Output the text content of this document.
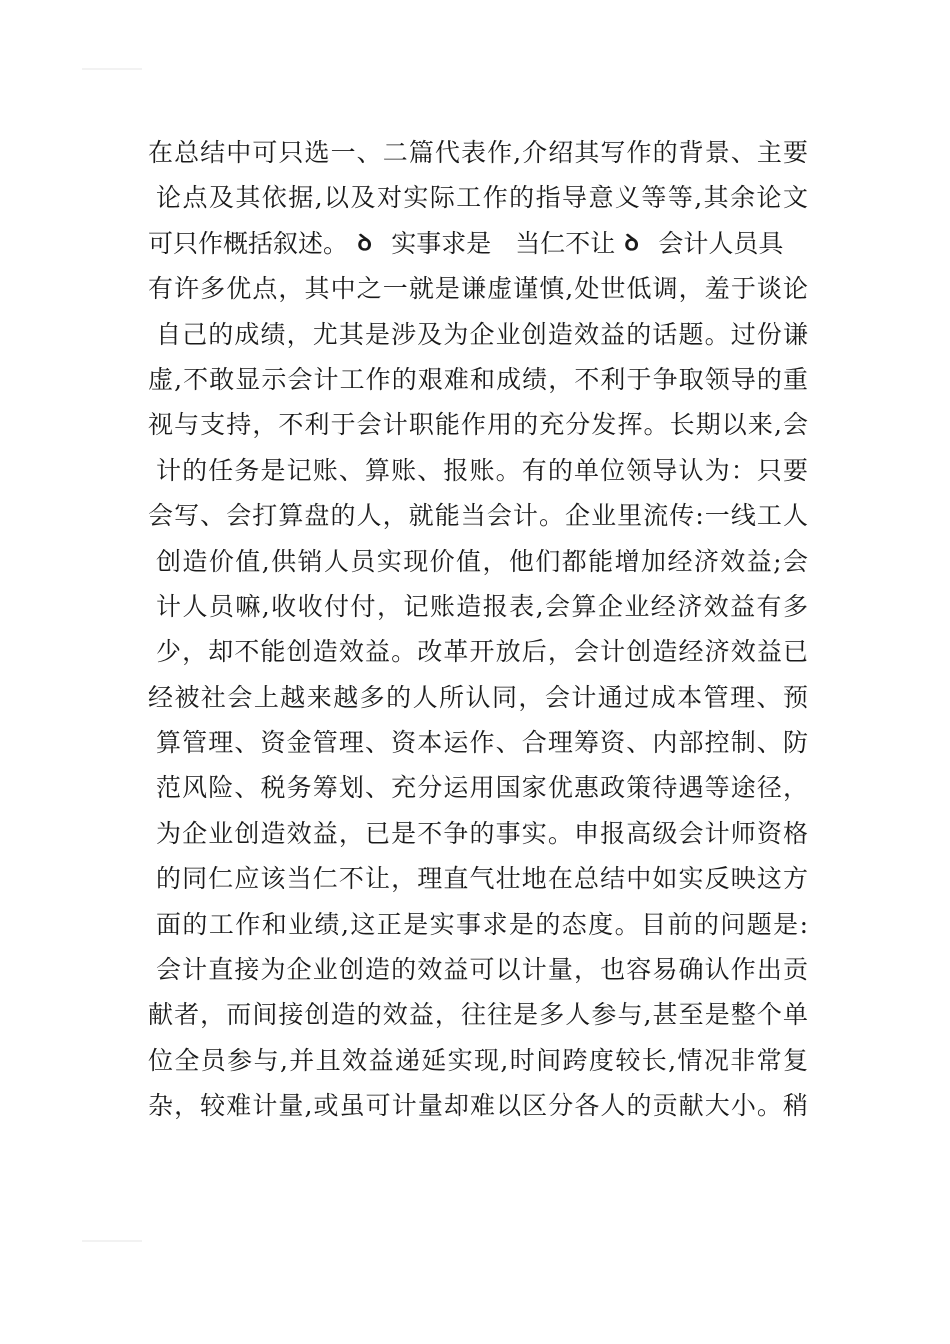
在总结中可只选一、二篇代表作,介绍其写作的背景、主要
论点及其依据,以及对实际工作的指导意义等等,其余论文
可只作概括叙述。 ꝺ 实事求是 当仁不让 ꝺ 会计人员具
有许多优点，其中之一就是谦虚谨慎,处世低调，羞于谈论
自己的成绩，尤其是涉及为企业创造效益的话题。过份谦
虚,不敢显示会计工作的艰难和成绩，不利于争取领导的重
视与支持，不利于会计职能作用的充分发挥。长期以来,会
计的任务是记账、算账、报账。有的单位领导认为：只要
会写、会打算盘的人，就能当会计。企业里流传:一线工人
创造价值,供销人员实现价值，他们都能增加经济效益;会
计人员嘛,收收付付，记账造报表,会算企业经济效益有多
少，却不能创造效益。改革开放后，会计创造经济效益已
经被社会上越来越多的人所认同，会计通过成本管理、预
算管理、资金管理、资本运作、合理筹资、内部控制、防
范风险、税务筹划、充分运用国家优惠政策待遇等途径，
为企业创造效益，已是不争的事实。申报高级会计师资格
的同仁应该当仁不让，理直气壮地在总结中如实反映这方
面的工作和业绩,这正是实事求是的态度。目前的问题是:
会计直接为企业创造的效益可以计量，也容易确认作出贡
献者，而间接创造的效益，往往是多人参与,甚至是整个单
位全员参与,并且效益递延实现,时间跨度较长,情况非常复
杂，较难计量,或虽可计量却难以区分各人的贡献大小。稍
